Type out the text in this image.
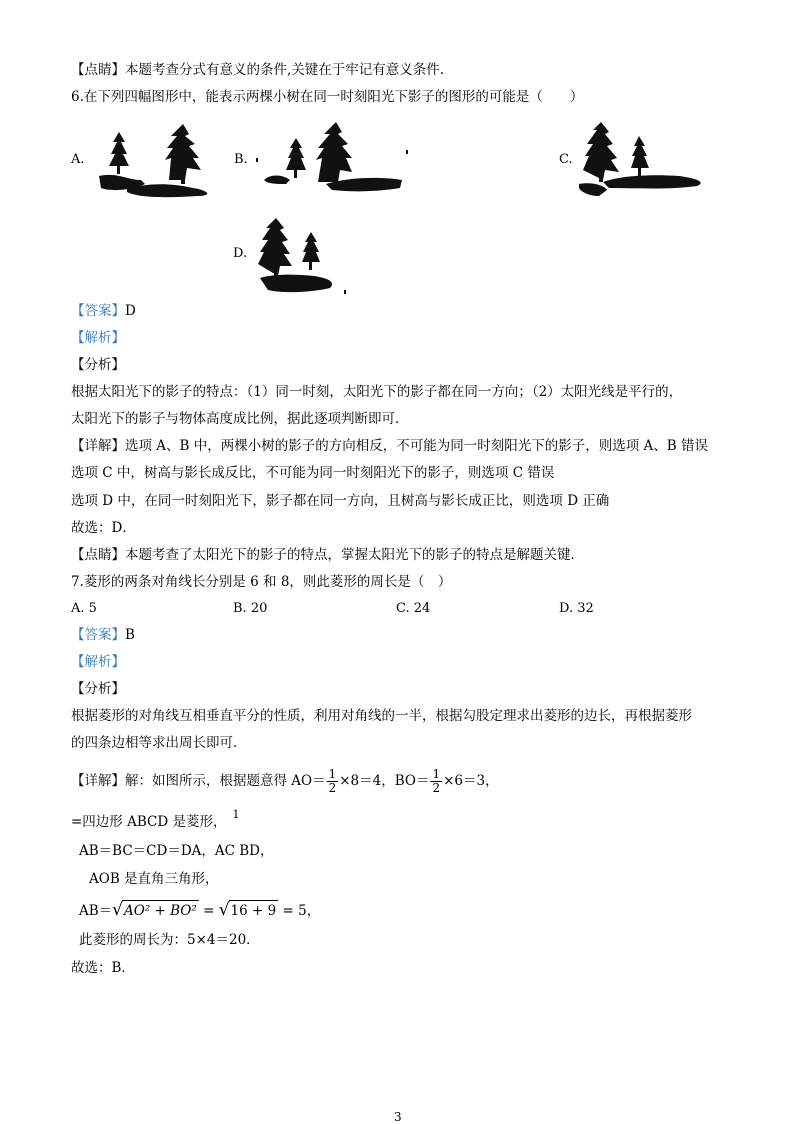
【点睛】本题考查分式有意义的条件,关键在于牢记有意义条件.
6.在下列四幅图形中，能表示两棵小树在同一时刻阳光下影子的图形的可能是（　　）
A.	B.	C.
D.
【答案】D
【解析】
【分析】
根据太阳光下的影子的特点：（1）同一时刻，太阳光下的影子都在同一方向；（2）太阳光线是平行的，
太阳光下的影子与物体高度成比例，据此逐项判断即可．
【详解】选项 A、B 中，两棵小树的影子的方向相反，不可能为同一时刻阳光下的影子，则选项 A、B 错误
选项 C 中，树高与影长成反比，不可能为同一时刻阳光下的影子，则选项 C 错误
选项 D 中，在同一时刻阳光下，影子都在同一方向，且树高与影长成正比，则选项 D 正确
故选：D．
【点睛】本题考查了太阳光下的影子的特点，掌握太阳光下的影子的特点是解题关键．
7.菱形的两条对角线长分别是 6 和 8，则此菱形的周长是（　）
A. 5	B. 20	C. 24	D. 32
【答案】B
【解析】
【分析】
根据菱形的对角线互相垂直平分的性质，利用对角线的一半，根据勾股定理求出菱形的边长，再根据菱形
的四条边相等求出周长即可．
【详解】解：如图所示，根据题意得 $AO= \frac{1}{2} \times 8=4$，$BO= \frac{1}{2} \times 6=3$，
=四边形 ABCD 是菱形， $^1$
AB＝BC＝CD＝DA，AC BD，
AOB 是直角三角形，
AB＝√AO² + BO² = √16 + 9 = 5，
此菱形的周长为：5×4＝20．
故选：B．
3
